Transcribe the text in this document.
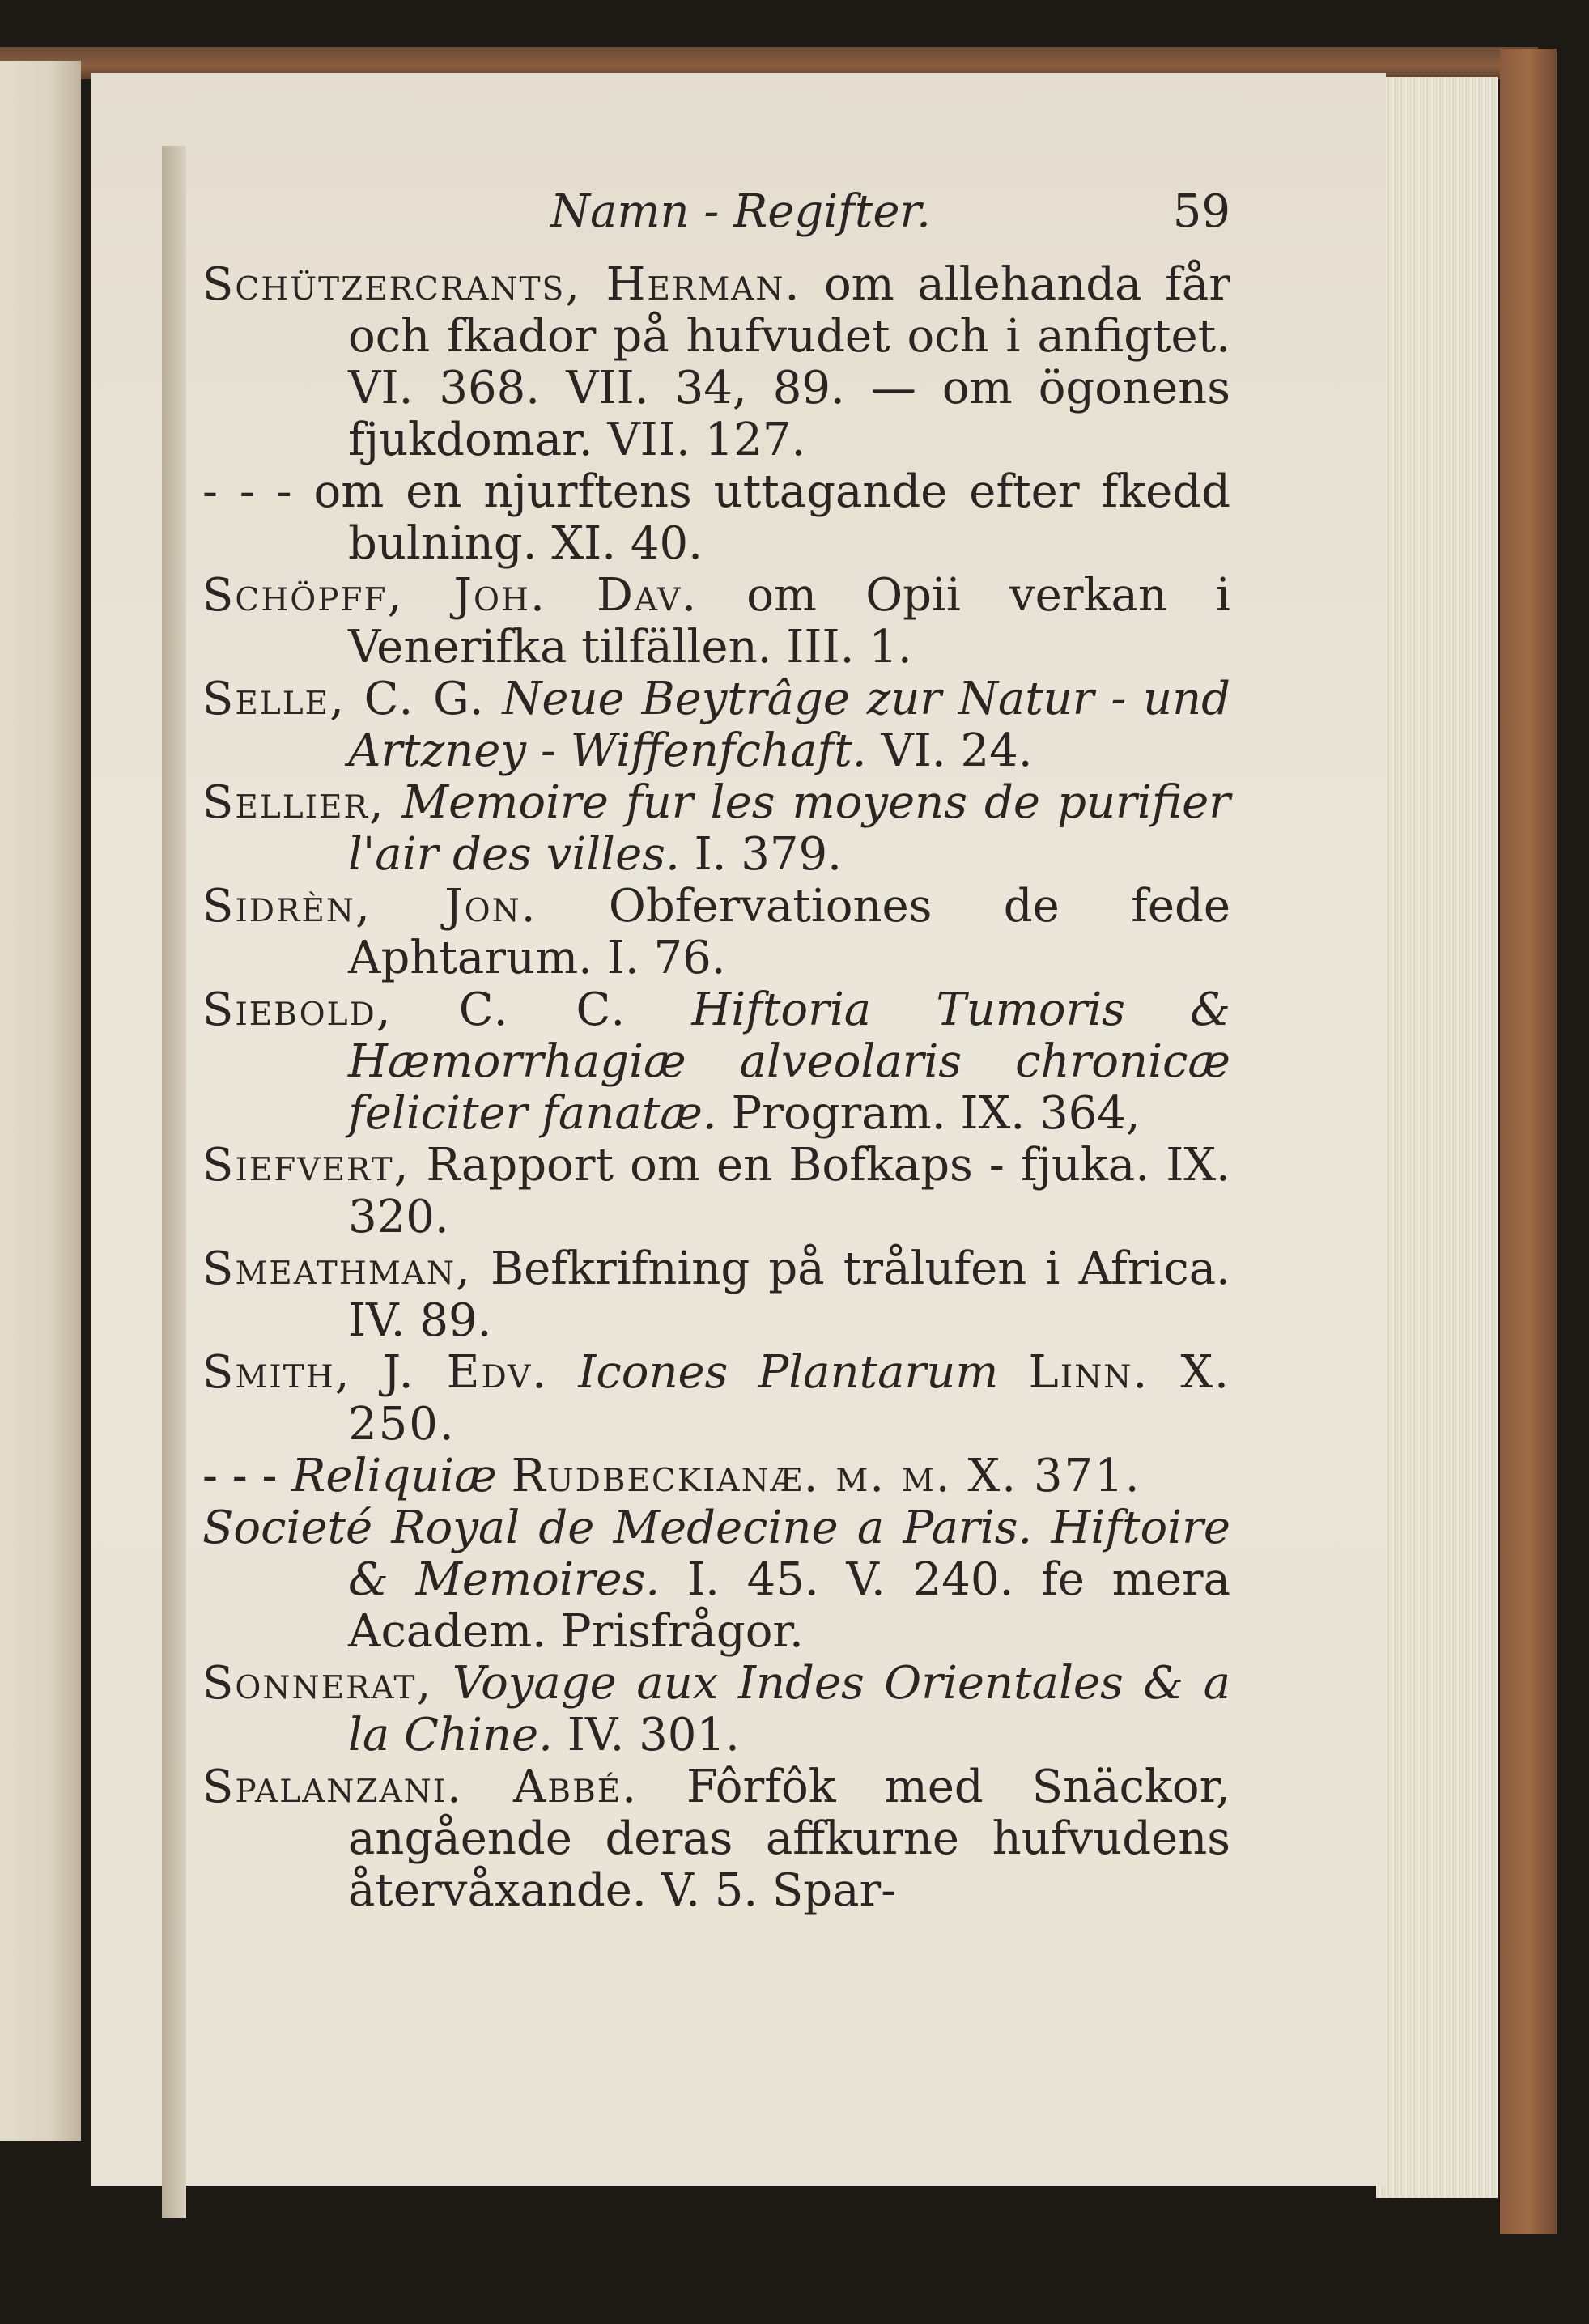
Namn - Regifter.	59

Schützercrants, Herman. om allehanda får och fkador på hufvudet och i anfigtet. VI. 368. VII. 34, 89. — om ögonens fjukdomar. VII. 127.

- - - om en njurftens uttagande efter fkedd bulning. XI. 40.

Schöpff, Joh. Dav. om Opii verkan i Venerifka tilfällen. III. 1.

Selle, C. G. Neue Beytrâge zur Natur - und Artzney - Wiffenfchaft. VI. 24.

Sellier, Memoire fur les moyens de purifier l'air des villes. I. 379.

Sidrèn, Jon. Obfervationes de fede Aphtarum. I. 76.

Siebold, C. C. Hiftoria Tumoris & Hæmorrhagiæ alveolaris chronicæ feliciter fanatæ. Program. IX. 364,

Siefvert, Rapport om en Bofkaps - fjuka. IX. 320.

Smeathman, Befkrifning på trålufen i Africa. IV. 89.

Smith, J. Edv. Icones Plantarum Linn. X. 250.

- - - Reliquiæ Rudbeckianæ. m. m. X. 371.

Societé Royal de Medecine a Paris. Hiftoire & Memoires. I. 45. V. 240. fe mera Academ. Prisfrågor.

Sonnerat, Voyage aux Indes Orientales & a la Chine. IV. 301.

Spalanzani. Abbé. Fôrfôk med Snäckor, angående deras affkurne hufvudens återvåxande. V. 5. Spar-
